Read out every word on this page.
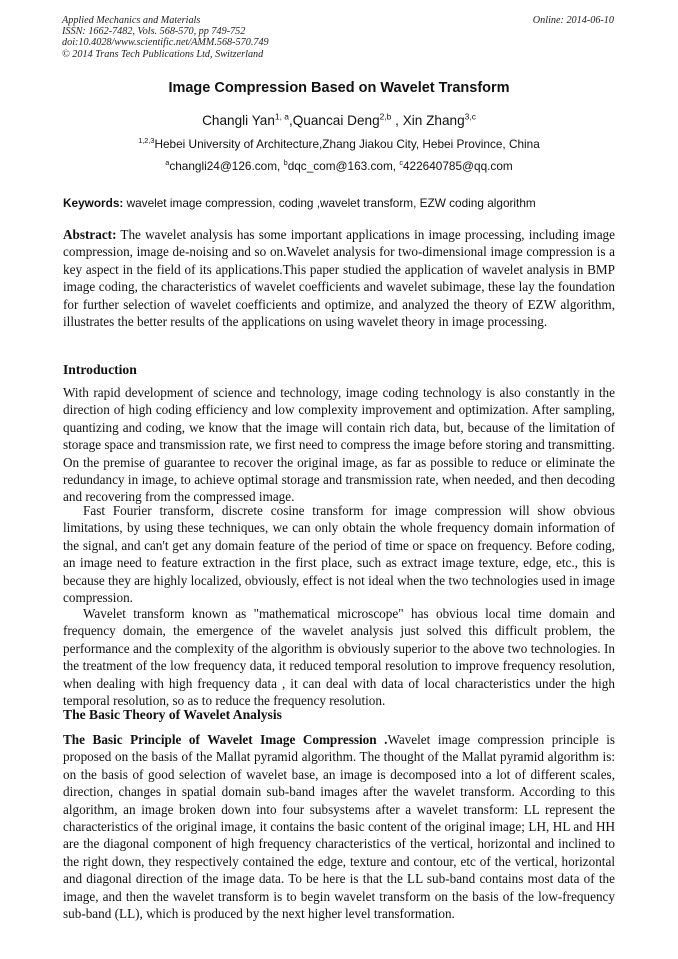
Applied Mechanics and Materials
ISSN: 1662-7482, Vols. 568-570, pp 749-752
doi:10.4028/www.scientific.net/AMM.568-570.749
© 2014 Trans Tech Publications Ltd, Switzerland
Online: 2014-06-10
Image Compression Based on Wavelet Transform
Changli Yan$^{1, a}$,Quancai Deng$^{2,b}$ , Xin Zhang$^{3,c}$
$^{1,2,3}$Hebei University of Architecture,Zhang Jiakou City, Hebei Province, China
$^a$changli24@126.com, $^b$dqc_com@163.com, $^c$422640785@qq.com
Keywords: wavelet image compression, coding ,wavelet transform, EZW coding algorithm
Abstract: The wavelet analysis has some important applications in image processing, including image compression, image de-noising and so on.Wavelet analysis for two-dimensional image compression is a key aspect in the field of its applications.This paper studied the application of wavelet analysis in BMP image coding, the characteristics of wavelet coefficients and wavelet subimage, these lay the foundation for further selection of wavelet coefficients and optimize, and analyzed the theory of EZW algorithm, illustrates the better results of the applications on using wavelet theory in image processing.
Introduction
With rapid development of science and technology, image coding technology is also constantly in the direction of high coding efficiency and low complexity improvement and optimization. After sampling, quantizing and coding, we know that the image will contain rich data, but, because of the limitation of storage space and transmission rate, we first need to compress the image before storing and transmitting. On the premise of guarantee to recover the original image, as far as possible to reduce or eliminate the redundancy in image, to achieve optimal storage and transmission rate, when needed, and then decoding and recovering from the compressed image.
Fast Fourier transform, discrete cosine transform for image compression will show obvious limitations, by using these techniques, we can only obtain the whole frequency domain information of the signal, and can't get any domain feature of the period of time or space on frequency. Before coding, an image need to feature extraction in the first place, such as extract image texture, edge, etc., this is because they are highly localized, obviously, effect is not ideal when the two technologies used in image compression.
Wavelet transform known as "mathematical microscope" has obvious local time domain and frequency domain, the emergence of the wavelet analysis just solved this difficult problem, the performance and the complexity of the algorithm is obviously superior to the above two technologies. In the treatment of the low frequency data, it reduced temporal resolution to improve frequency resolution, when dealing with high frequency data , it can deal with data of local characteristics under the high temporal resolution, so as to reduce the frequency resolution.
The Basic Theory of Wavelet Analysis
The Basic Principle of Wavelet Image Compression .Wavelet image compression principle is proposed on the basis of the Mallat pyramid algorithm. The thought of the Mallat pyramid algorithm is: on the basis of good selection of wavelet base, an image is decomposed into a lot of different scales, direction, changes in spatial domain sub-band images after the wavelet transform. According to this algorithm, an image broken down into four subsystems after a wavelet transform: LL represent the characteristics of the original image, it contains the basic content of the original image; LH, HL and HH are the diagonal component of high frequency characteristics of the vertical, horizontal and inclined to the right down, they respectively contained the edge, texture and contour, etc of the vertical, horizontal and diagonal direction of the image data. To be here is that the LL sub-band contains most data of the image, and then the wavelet transform is to begin wavelet transform on the basis of the low-frequency sub-band (LL), which is produced by the next higher level transformation.
